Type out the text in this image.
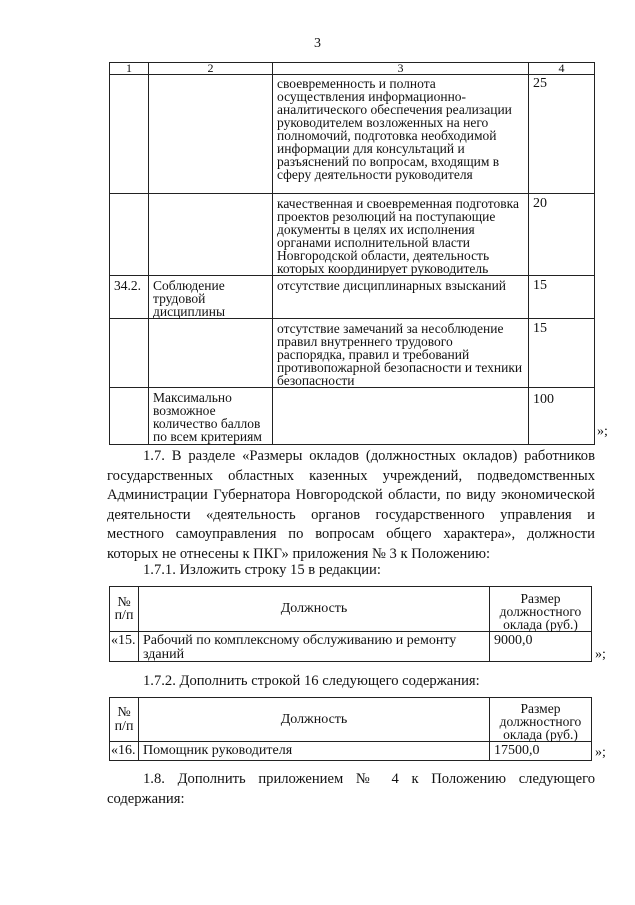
3
1	2	3	4
		своевременность и полнота осуществления информационно-аналитического обеспечения реализации руководителем возложенных на него полномочий, подготовка необходимой информации для консультаций и разъяснений по вопросам, входящим в сферу деятельности руководителя	25
		качественная и своевременная подготовка проектов резолюций на поступающие документы в целях их исполнения органами исполнительной власти Новгородской области, деятельность которых координирует руководитель	20
34.2.	Соблюдение трудовой дисциплины	отсутствие дисциплинарных взысканий	15
		отсутствие замечаний за несоблюдение правил внутреннего трудового распорядка, правил и требований противопожарной безопасности и техники безопасности	15
	Максимально возможное количество баллов по всем критериям		100
»;

1.7. В разделе «Размеры окладов (должностных окладов) работников государственных областных казенных учреждений, подведомственных Администрации Губернатора Новгородской области, по виду экономической деятельности «деятельность органов государственного управления и местного самоуправления по вопросам общего характера», должности которых не отнесены к ПКГ» приложения № 3 к Положению:

1.7.1. Изложить строку 15 в редакции:

№ п/п	Должность	Размер должностного оклада (руб.)
«15.	Рабочий по комплексному обслуживанию и ремонту зданий	9000,0
»;

1.7.2. Дополнить строкой 16 следующего содержания:

№ п/п	Должность	Размер должностного оклада (руб.)
«16.	Помощник руководителя	17500,0	»;

1.8. Дополнить приложением № 4 к Положению следующего содержания:
